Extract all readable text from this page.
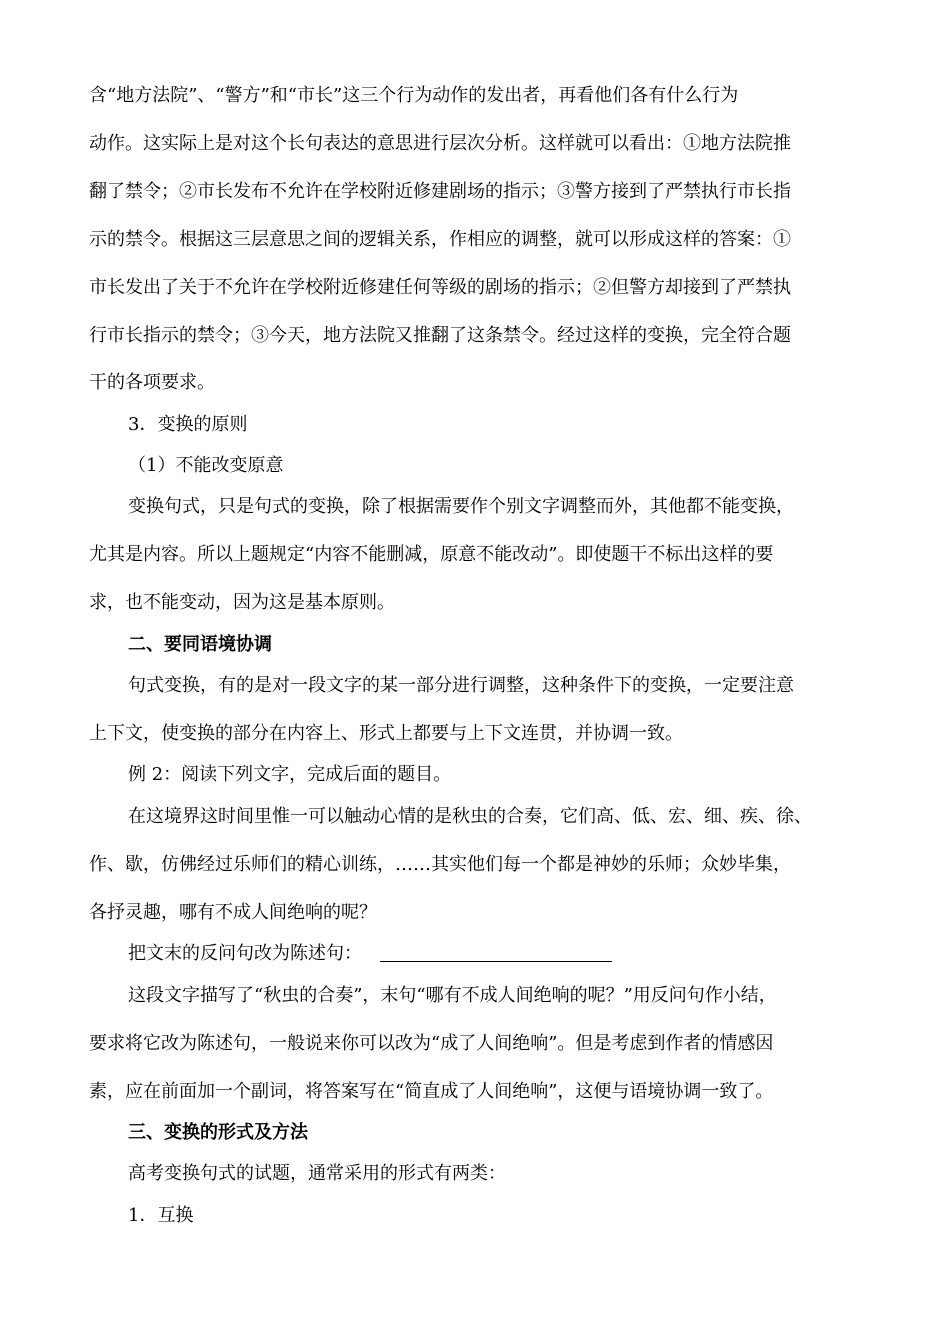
含“地方法院”、“警方”和“市长”这三个行为动作的发出者，再看他们各有什么行为
动作。这实际上是对这个长句表达的意思进行层次分析。这样就可以看出：①地方法院推
翻了禁令；②市长发布不允许在学校附近修建剧场的指示；③警方接到了严禁执行市长指
示的禁令。根据这三层意思之间的逻辑关系，作相应的调整，就可以形成这样的答案：①
市长发出了关于不允许在学校附近修建任何等级的剧场的指示；②但警方却接到了严禁执
行市长指示的禁令；③今天，地方法院又推翻了这条禁令。经过这样的变换，完全符合题
干的各项要求。
3．变换的原则
（1）不能改变原意
变换句式，只是句式的变换，除了根据需要作个别文字调整而外，其他都不能变换，
尤其是内容。所以上题规定“内容不能删减，原意不能改动”。即使题干不标出这样的要
求，也不能变动，因为这是基本原则。
二、要同语境协调
句式变换，有的是对一段文字的某一部分进行调整，这种条件下的变换，一定要注意
上下文，使变换的部分在内容上、形式上都要与上下文连贯，并协调一致。
例 2：阅读下列文字，完成后面的题目。
在这境界这时间里惟一可以触动心情的是秋虫的合奏，它们高、低、宏、细、疾、徐、
作、歇，仿佛经过乐师们的精心训练，……其实他们每一个都是神妙的乐师；众妙毕集，
各抒灵趣，哪有不成人间绝响的呢？
把文末的反问句改为陈述句：
这段文字描写了“秋虫的合奏”，末句“哪有不成人间绝响的呢？”用反问句作小结，
要求将它改为陈述句，一般说来你可以改为“成了人间绝响”。但是考虑到作者的情感因
素，应在前面加一个副词，将答案写在“简直成了人间绝响”，这便与语境协调一致了。
三、变换的形式及方法
高考变换句式的试题，通常采用的形式有两类：
1．互换
